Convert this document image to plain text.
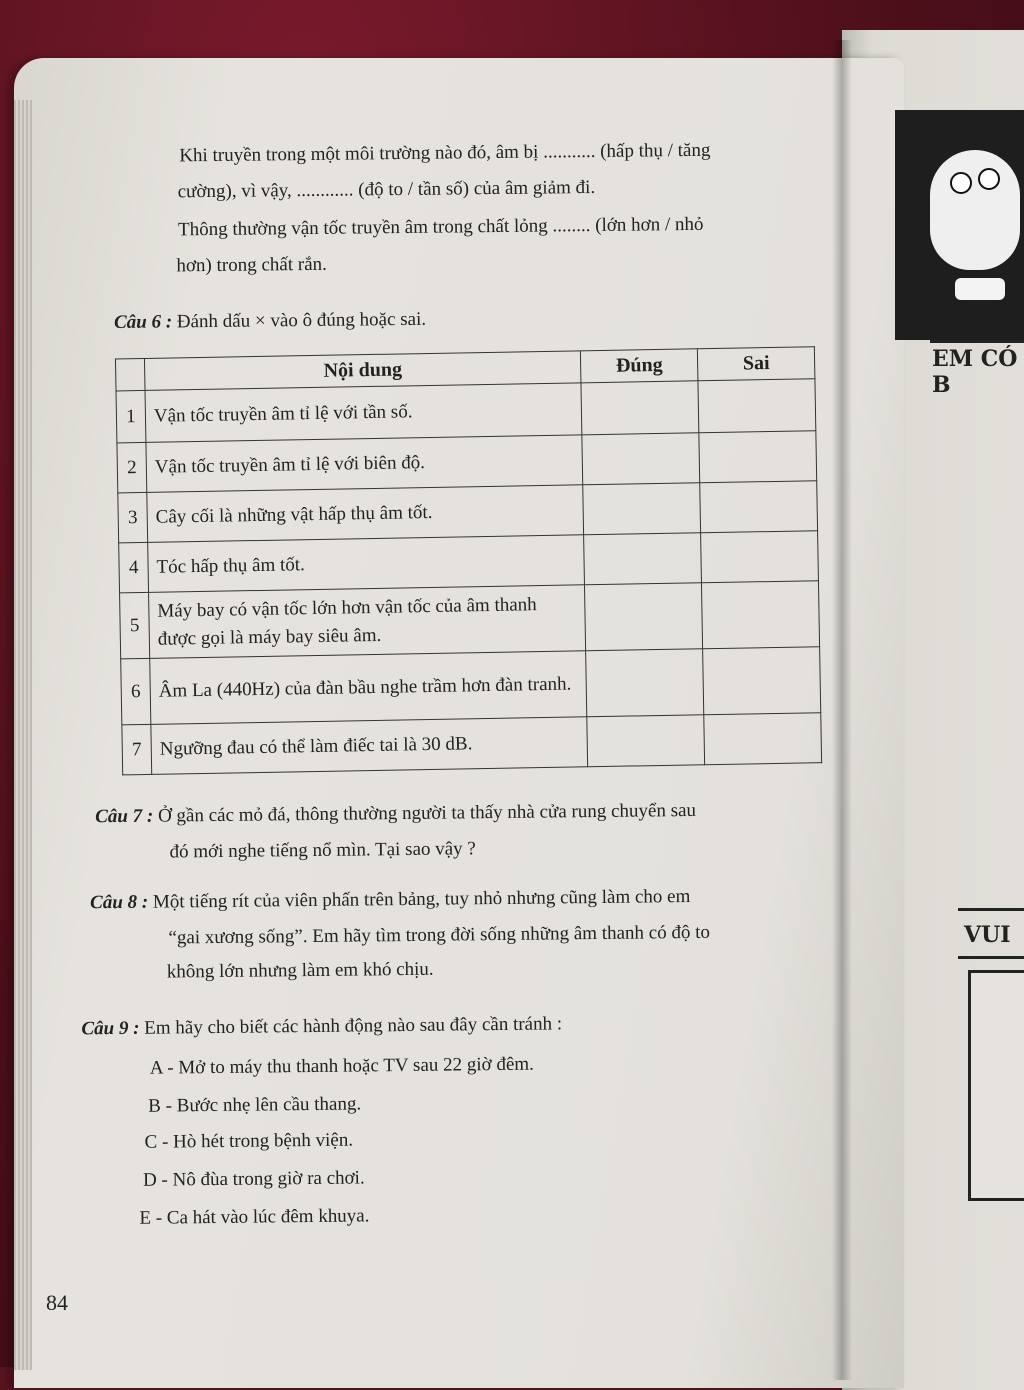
Khi truyền trong một môi trường nào đó, âm bị ........... (hấp thụ / tăng
cường), vì vậy, ............ (độ to / tần số) của âm giảm đi.
Thông thường vận tốc truyền âm trong chất lỏng ........ (lớn hơn / nhỏ
hơn) trong chất rắn.
Câu 6 : Đánh dấu × vào ô đúng hoặc sai.
	Nội dung	Đúng	Sai
1	Vận tốc truyền âm tỉ lệ với tần số.		
2	Vận tốc truyền âm tỉ lệ với biên độ.		
3	Cây cối là những vật hấp thụ âm tốt.		
4	Tóc hấp thụ âm tốt.		
5	Máy bay có vận tốc lớn hơn vận tốc của âm thanh được gọi là máy bay siêu âm.		
6	Âm La (440Hz) của đàn bầu nghe trầm hơn đàn tranh.		
7	Ngưỡng đau có thể làm điếc tai là 30 dB.		
Câu 7 : Ở gần các mỏ đá, thông thường người ta thấy nhà cửa rung chuyển sau
đó mới nghe tiếng nổ mìn. Tại sao vậy ?
Câu 8 : Một tiếng rít của viên phấn trên bảng, tuy nhỏ nhưng cũng làm cho em
“gai xương sống”. Em hãy tìm trong đời sống những âm thanh có độ to
không lớn nhưng làm em khó chịu.
Câu 9 : Em hãy cho biết các hành động nào sau đây cần tránh :
A - Mở to máy thu thanh hoặc TV sau 22 giờ đêm.
B - Bước nhẹ lên cầu thang.
C - Hò hét trong bệnh viện.
D - Nô đùa trong giờ ra chơi.
E - Ca hát vào lúc đêm khuya.
84
EM CÓ B
VUI
